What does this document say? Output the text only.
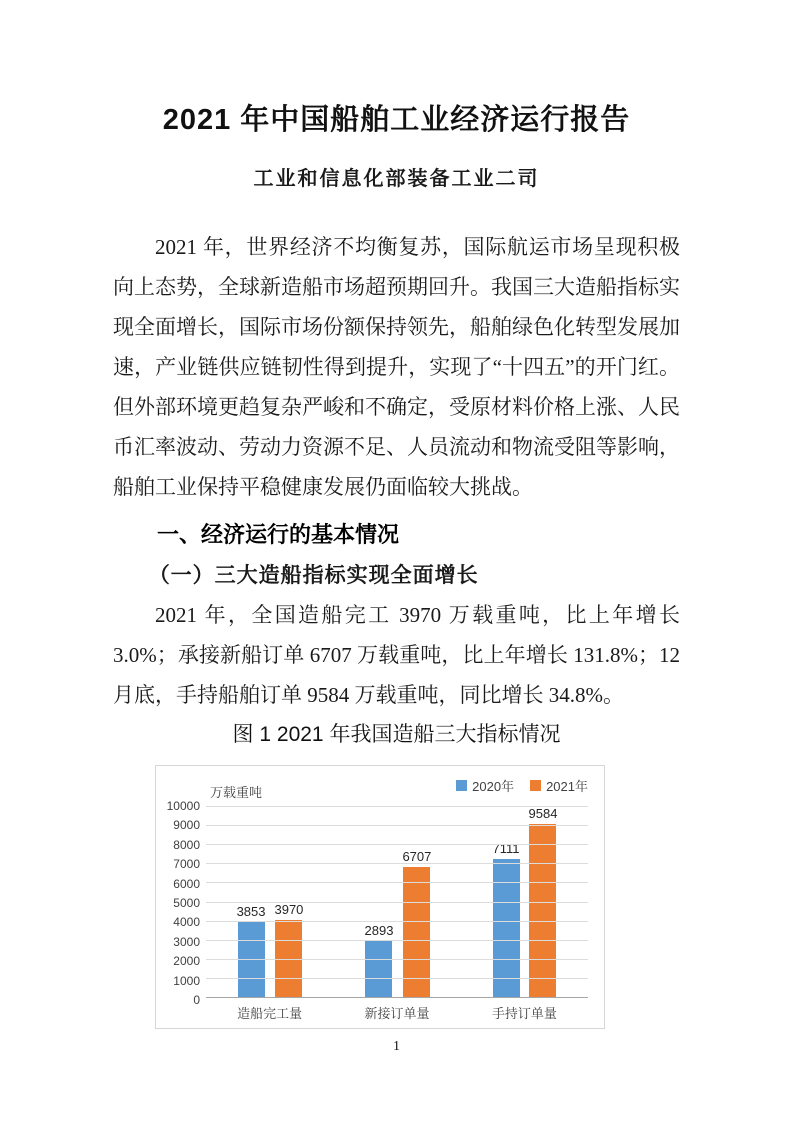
2021 年中国船舶工业经济运行报告
工业和信息化部装备工业二司

2021 年，世界经济不均衡复苏，国际航运市场呈现积极向上态势，全球新造船市场超预期回升。我国三大造船指标实现全面增长，国际市场份额保持领先，船舶绿色化转型发展加速，产业链供应链韧性得到提升，实现了“十四五”的开门红。但外部环境更趋复杂严峻和不确定，受原材料价格上涨、人民币汇率波动、劳动力资源不足、人员流动和物流受阻等影响，船舶工业保持平稳健康发展仍面临较大挑战。

一、经济运行的基本情况
（一）三大造船指标实现全面增长

2021 年，全国造船完工 3970 万载重吨，比上年增长 3.0%；承接新船订单 6707 万载重吨，比上年增长 131.8%；12 月底，手持船舶订单 9584 万载重吨，同比增长 34.8%。

图 1 2021 年我国造船三大指标情况
万载重吨	2020年 2021年
10000
9000
8000
7000
6000
5000
4000
3000
2000
1000
0
3853 3970
2893
6707
7111
9584
造船完工量	新接订单量	手持订单量
1
